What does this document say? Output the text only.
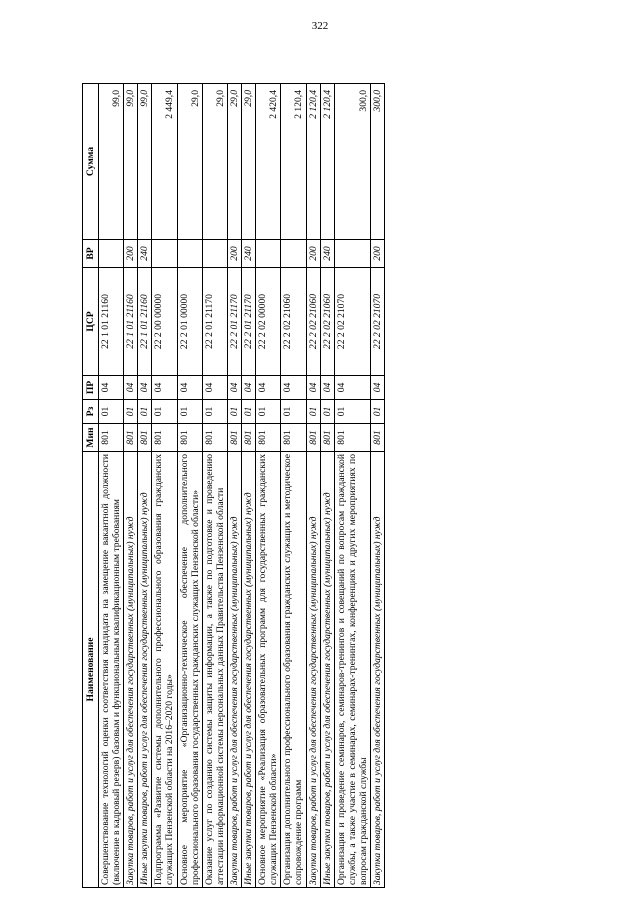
322
Наименование	Мин	Рз	ПР	ЦСР	ВР	Сумма
Совершенствование технологий оценки соответствия кандидата на замещение вакантной должности (включение в кадровый резерв) базовым и функциональным квалификационным требованиям	801	01	04	22 1 01 21160		99,0
Закупка товаров, работ и услуг для обеспечения государственных (муниципальных) нужд	801	01	04	22 1 01 21160	200	99,0
Иные закупки товаров, работ и услуг для обеспечения государственных (муниципальных) нужд	801	01	04	22 1 01 21160	240	99,0
Подпрограмма «Развитие системы дополнительного профессионального образования гражданских служащих Пензенской области на 2016–2020 годы»	801	01	04	22 2 00 00000		2 449,4
Основное мероприятие «Организационно-техническое обеспечение дополнительного профессионального образования государственных гражданских служащих Пензенской области»	801	01	04	22 2 01 00000		29,0
Оказание услуг по созданию системы защиты информации, а также по подготовке и проведению аттестации информационной системы персональных данных Правительства Пензенской области	801	01	04	22 2 01 21170		29,0
Закупка товаров, работ и услуг для обеспечения государственных (муниципальных) нужд	801	01	04	22 2 01 21170	200	29,0
Иные закупки товаров, работ и услуг для обеспечения государственных (муниципальных) нужд	801	01	04	22 2 01 21170	240	29,0
Основное мероприятие «Реализация образовательных программ для государственных гражданских служащих Пензенской области»	801	01	04	22 2 02 00000		2 420,4
Организация дополнительного профессионального образования гражданских служащих и методическое сопровождение программ	801	01	04	22 2 02 21060		2 120,4
Закупка товаров, работ и услуг для обеспечения государственных (муниципальных) нужд	801	01	04	22 2 02 21060	200	2 120,4
Иные закупки товаров, работ и услуг для обеспечения государственных (муниципальных) нужд	801	01	04	22 2 02 21060	240	2 120,4
Организация и проведение семинаров, семинаров-тренингов и совещаний по вопросам гражданской службы, а также участие в семинарах, семинарах-тренингах, конференциях и других мероприятиях по вопросам гражданской службы	801	01	04	22 2 02 21070		300,0
Закупка товаров, работ и услуг для обеспечения государственных (муниципальных) нужд	801	01	04	22 2 02 21070	200	300,0
